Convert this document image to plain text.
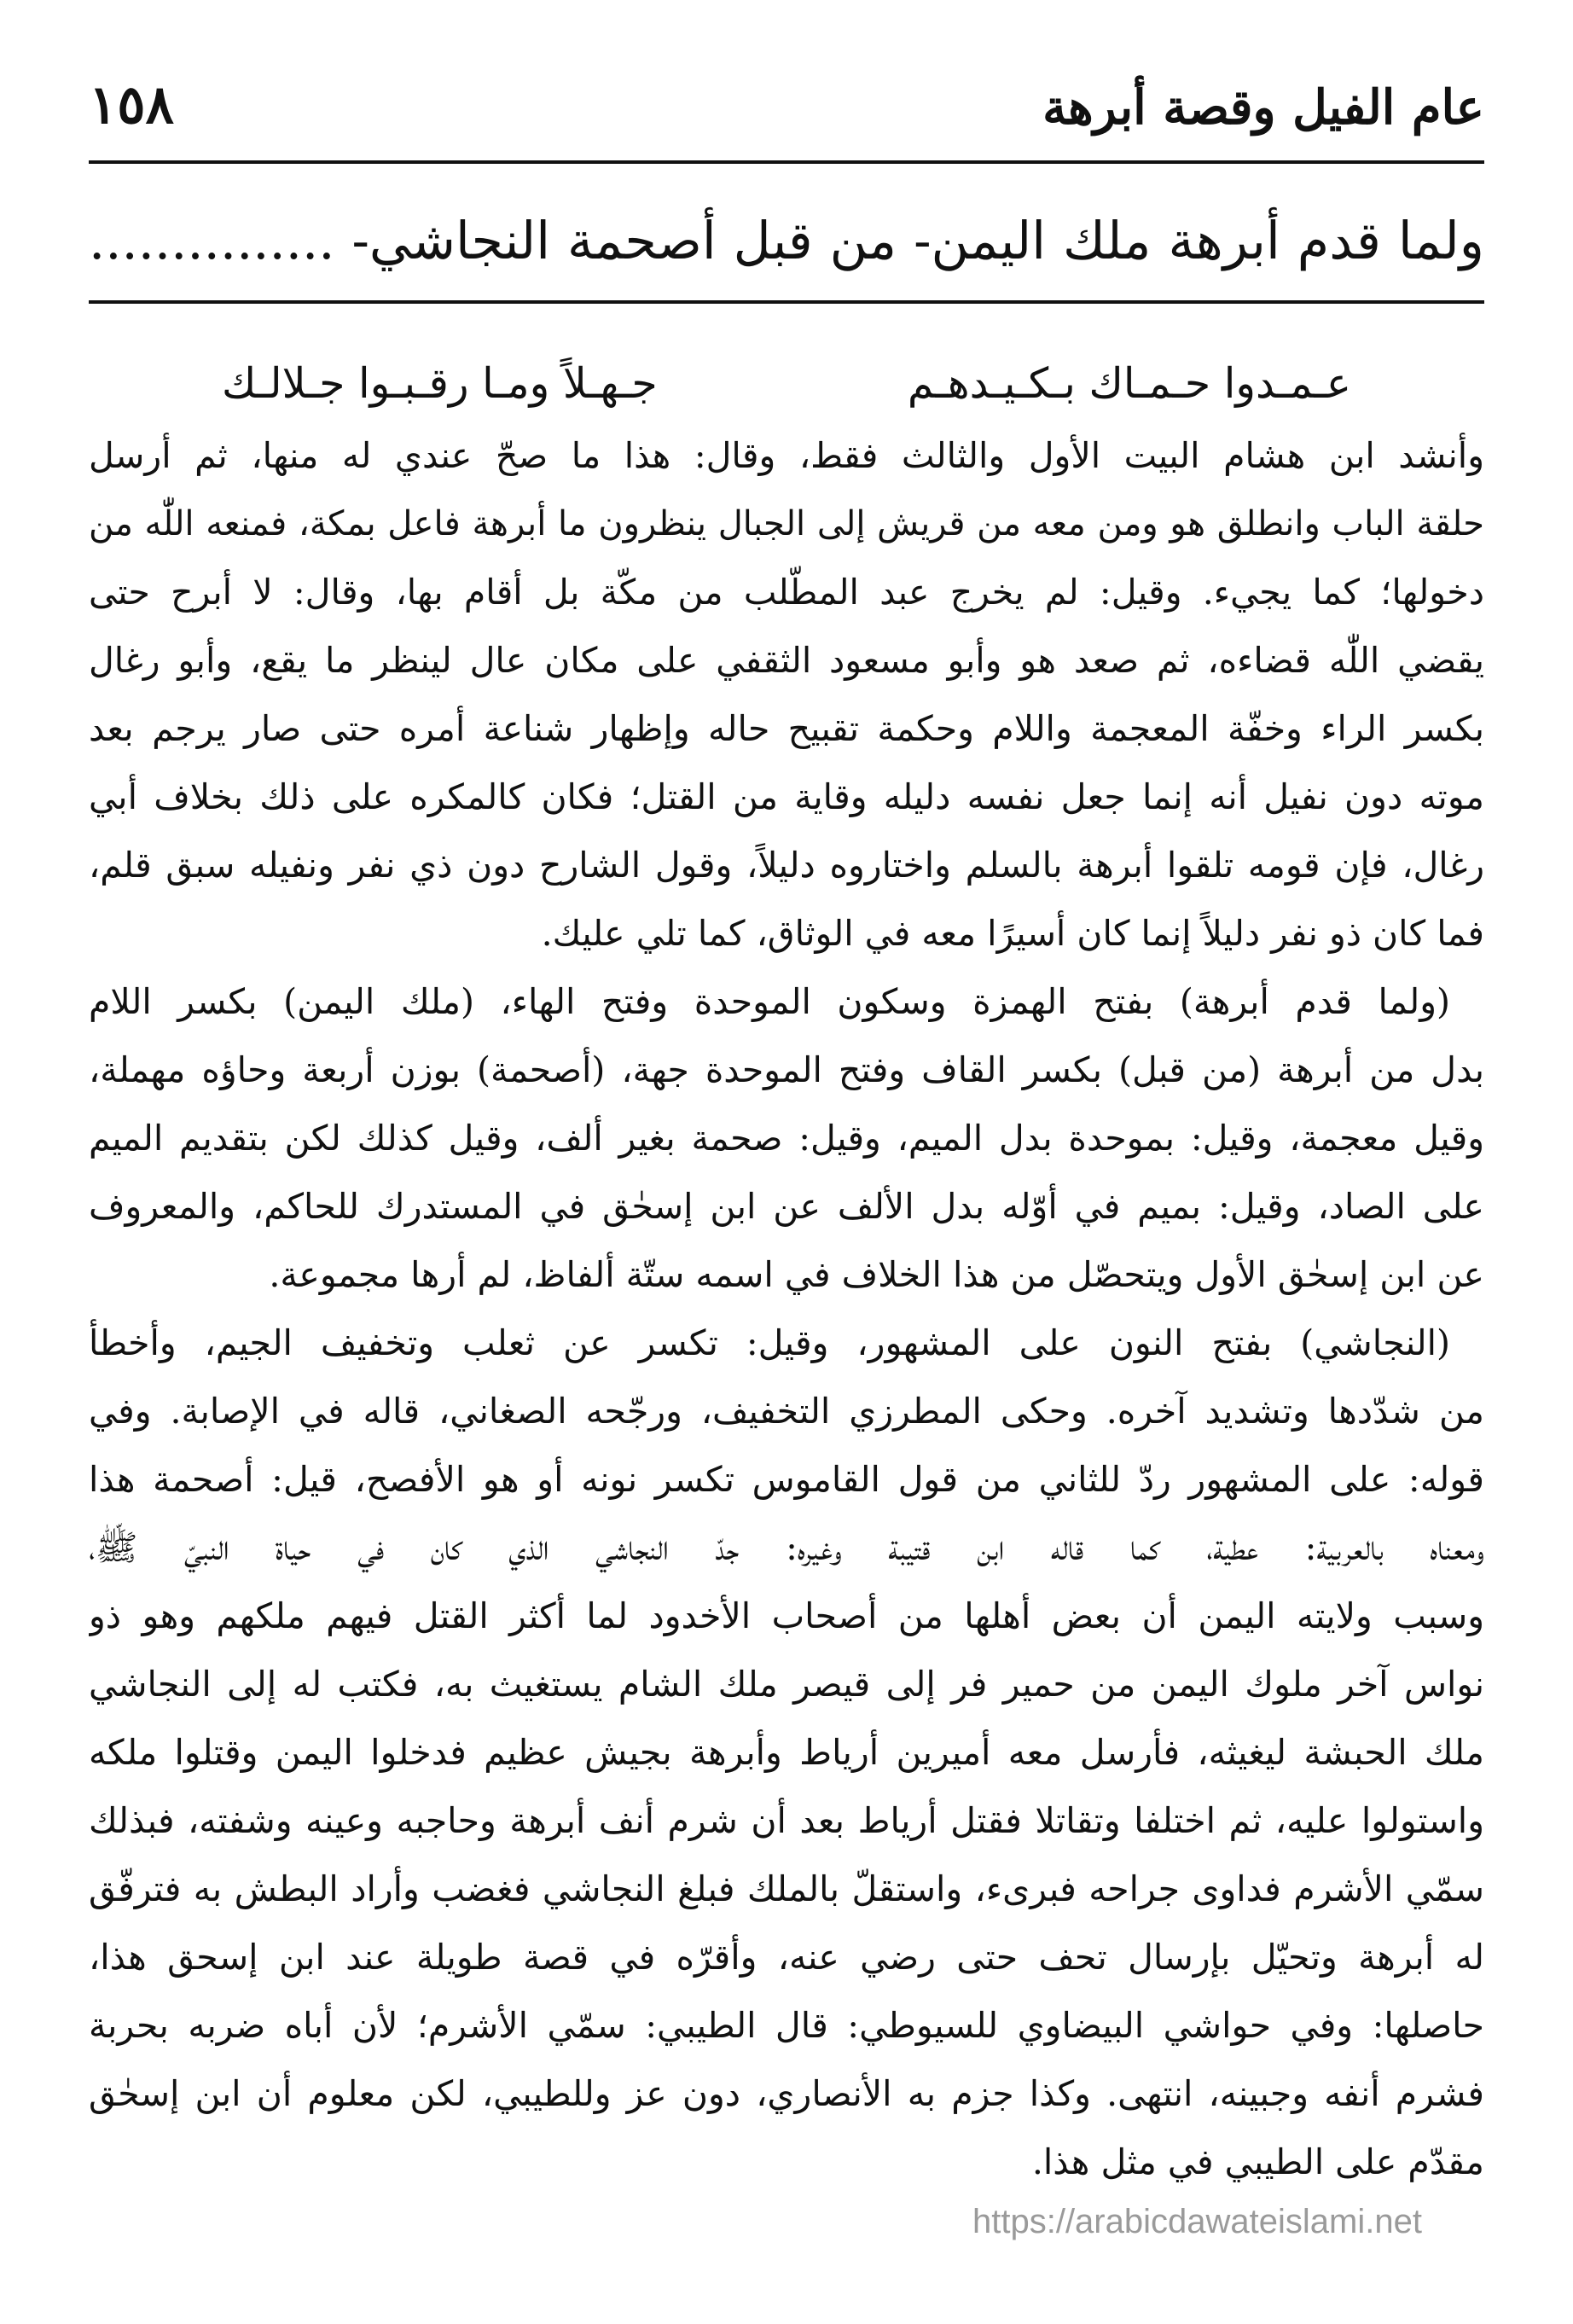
عام الفيل وقصة أبرهة
١٥٨
ولما قدم أبرهة ملك اليمن- من قبل أصحمة النجاشي- ...............
عـمـدوا حـمـاك بـكـيـدهـم
جـهـلاً ومـا رقـبـوا جـلالـك
وأنشد ابن هشام البيت الأول والثالث فقط، وقال: هذا ما صحّ عندي له منها، ثم أرسل
حلقة الباب وانطلق هو ومن معه من قريش إلى الجبال ينظرون ما أبرهة فاعل بمكة، فمنعه اللّٰه من
دخولها؛ كما يجيء. وقيل: لم يخرج عبد المطّلب من مكّة بل أقام بها، وقال: لا أبرح حتى
يقضي اللّٰه قضاءه، ثم صعد هو وأبو مسعود الثقفي على مكان عال لينظر ما يقع، وأبو رغال
بكسر الراء وخفّة المعجمة واللام وحكمة تقبيح حاله وإظهار شناعة أمره حتى صار يرجم بعد
موته دون نفيل أنه إنما جعل نفسه دليله وقاية من القتل؛ فكان كالمكره على ذلك بخلاف أبي
رغال، فإن قومه تلقوا أبرهة بالسلم واختاروه دليلاً، وقول الشارح دون ذي نفر ونفيله سبق قلم،
فما كان ذو نفر دليلاً إنما كان أسيرًا معه في الوثاق، كما تلي عليك.
(ولما قدم أبرهة) بفتح الهمزة وسكون الموحدة وفتح الهاء، (ملك اليمن) بكسر اللام
بدل من أبرهة (من قبل) بكسر القاف وفتح الموحدة جهة، (أصحمة) بوزن أربعة وحاؤه مهملة،
وقيل معجمة، وقيل: بموحدة بدل الميم، وقيل: صحمة بغير ألف، وقيل كذلك لكن بتقديم الميم
على الصاد، وقيل: بميم في أوّله بدل الألف عن ابن إسحٰق في المستدرك للحاكم، والمعروف
عن ابن إسحٰق الأول ويتحصّل من هذا الخلاف في اسمه ستّة ألفاظ، لم أرها مجموعة.
(النجاشي) بفتح النون على المشهور، وقيل: تكسر عن ثعلب وتخفيف الجيم، وأخطأ
من شدّدها وتشديد آخره. وحكى المطرزي التخفيف، ورجّحه الصغاني، قاله في الإصابة. وفي
قوله: على المشهور ردّ للثاني من قول القاموس تكسر نونه أو هو الأفصح، قيل: أصحمة هذا
ومعناه بالعربية: عطية، كما قاله ابن قتيبة وغيره: جدّ النجاشي الذي كان في حياة النبيّ ﷺ،
وسبب ولايته اليمن أن بعض أهلها من أصحاب الأخدود لما أكثر القتل فيهم ملكهم وهو ذو
نواس آخر ملوك اليمن من حمير فر إلى قيصر ملك الشام يستغيث به، فكتب له إلى النجاشي
ملك الحبشة ليغيثه، فأرسل معه أميرين أرياط وأبرهة بجيش عظيم فدخلوا اليمن وقتلوا ملكه
واستولوا عليه، ثم اختلفا وتقاتلا فقتل أرياط بعد أن شرم أنف أبرهة وحاجبه وعينه وشفته، فبذلك
سمّي الأشرم فداوى جراحه فبرىء، واستقلّ بالملك فبلغ النجاشي فغضب وأراد البطش به فترفّق
له أبرهة وتحيّل بإرسال تحف حتى رضي عنه، وأقرّه في قصة طويلة عند ابن إسحق هذا،
حاصلها: وفي حواشي البيضاوي للسيوطي: قال الطيبي: سمّي الأشرم؛ لأن أباه ضربه بحربة
فشرم أنفه وجبينه، انتهى. وكذا جزم به الأنصاري، دون عز وللطيبي، لكن معلوم أن ابن إسحٰق
مقدّم على الطيبي في مثل هذا.
https://arabicdawateislami.net
